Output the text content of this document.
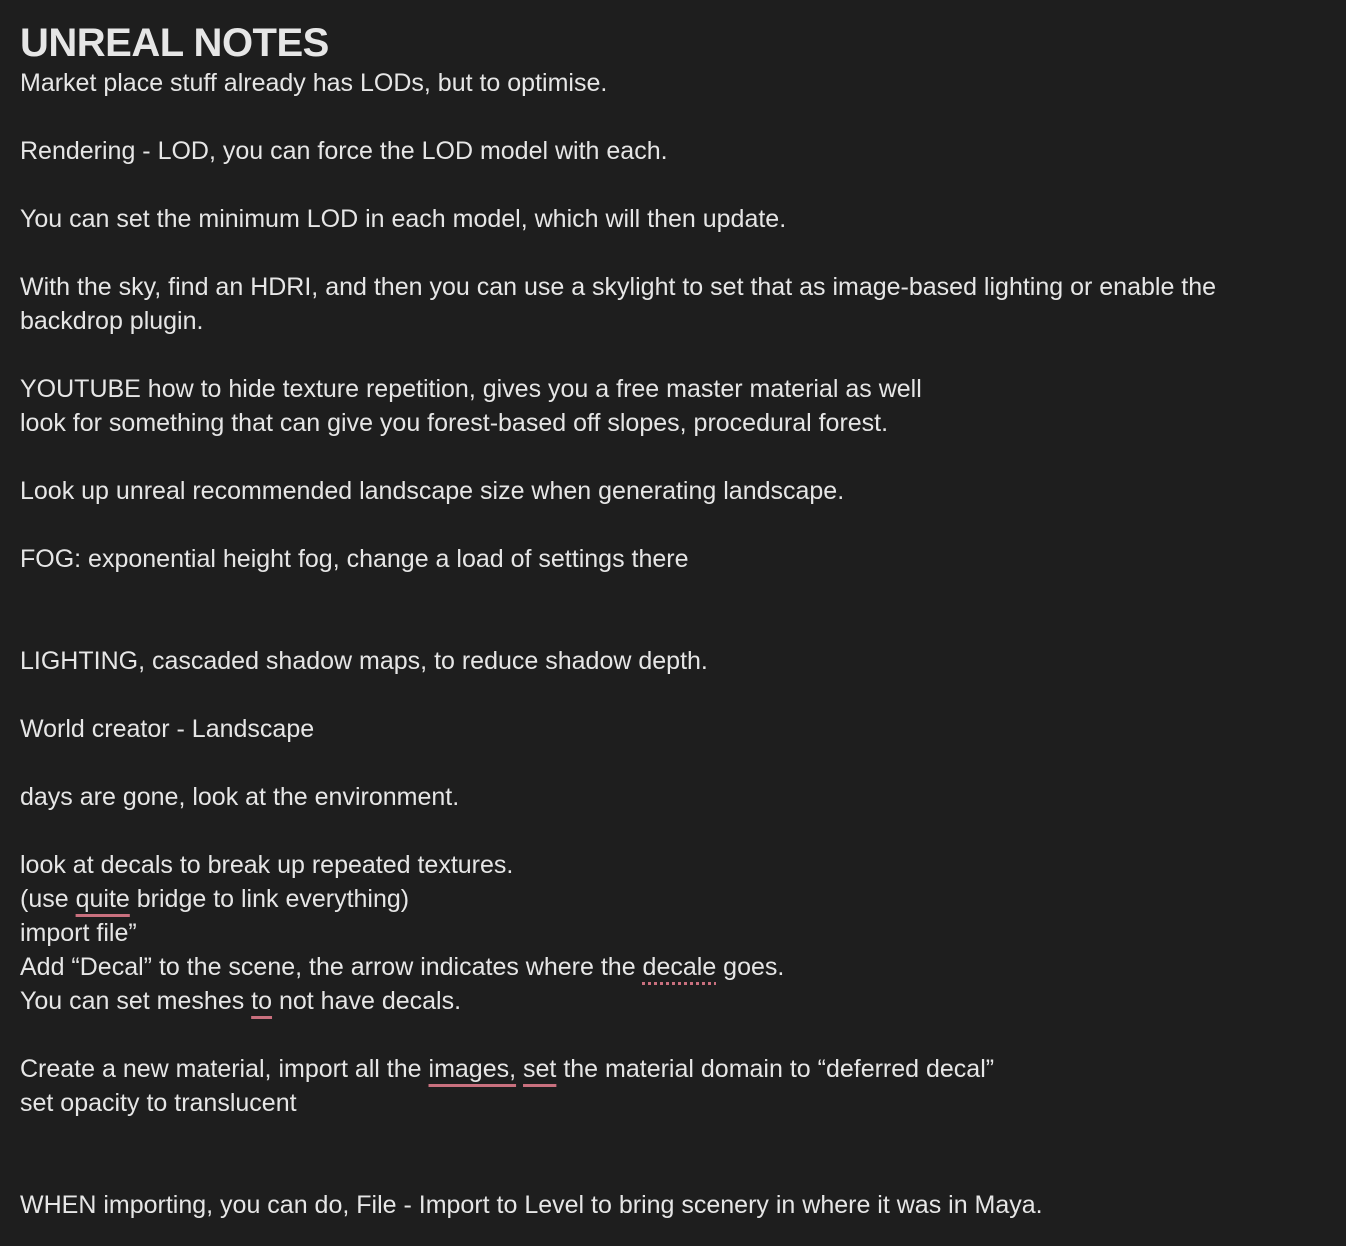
UNREAL NOTES
Market place stuff already has LODs, but to optimise.
Rendering - LOD, you can force the LOD model with each.
You can set the minimum LOD in each model, which will then update.
With the sky, find an HDRI, and then you can use a skylight to set that as image-based lighting or enable the
backdrop plugin.
YOUTUBE how to hide texture repetition, gives you a free master material as well
look for something that can give you forest-based off slopes, procedural forest.
Look up unreal recommended landscape size when generating landscape.
FOG: exponential height fog, change a load of settings there
LIGHTING, cascaded shadow maps, to reduce shadow depth.
World creator - Landscape
days are gone, look at the environment.
look at decals to break up repeated textures.
(use quite bridge to link everything)
import file”
Add “Decal” to the scene, the arrow indicates where the decale goes.
You can set meshes to not have decals.
Create a new material, import all the images, set the material domain to “deferred decal”
set opacity to translucent
WHEN importing, you can do, File - Import to Level to bring scenery in where it was in Maya.
